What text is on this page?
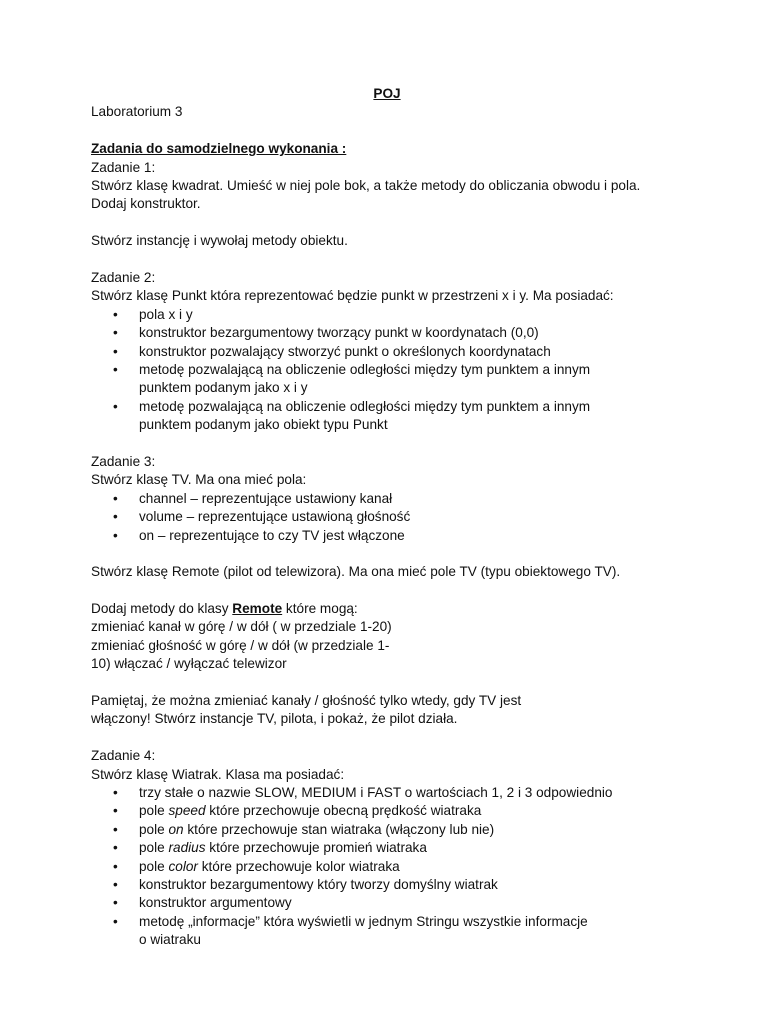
POJ
Laboratorium 3
Zadania do samodzielnego wykonania :
Zadanie 1:
Stwórz klasę kwadrat. Umieść w niej pole bok, a także metody do obliczania obwodu i pola.
Dodaj konstruktor.
Stwórz instancję i wywołaj metody obiektu.
Zadanie 2:
Stwórz klasę Punkt która reprezentować będzie punkt w przestrzeni x i y. Ma posiadać:
• pola x i y
• konstruktor bezargumentowy tworzący punkt w koordynatach (0,0)
• konstruktor pozwalający stworzyć punkt o określonych koordynatach
• metodę pozwalającą na obliczenie odległości między tym punktem a innym
punktem podanym jako x i y
• metodę pozwalającą na obliczenie odległości między tym punktem a innym
punktem podanym jako obiekt typu Punkt
Zadanie 3:
Stwórz klasę TV. Ma ona mieć pola:
• channel – reprezentujące ustawiony kanał
• volume – reprezentujące ustawioną głośność
• on – reprezentujące to czy TV jest włączone
Stwórz klasę Remote (pilot od telewizora). Ma ona mieć pole TV (typu obiektowego TV).
Dodaj metody do klasy Remote które mogą:
zmieniać kanał w górę / w dół ( w przedziale 1-20)
zmieniać głośność w górę / w dół (w przedziale 1-
10) włączać / wyłączać telewizor
Pamiętaj, że można zmieniać kanały / głośność tylko wtedy, gdy TV jest
włączony! Stwórz instancje TV, pilota, i pokaż, że pilot działa.
Zadanie 4:
Stwórz klasę Wiatrak. Klasa ma posiadać:
• trzy stałe o nazwie SLOW, MEDIUM i FAST o wartościach 1, 2 i 3 odpowiednio
• pole speed które przechowuje obecną prędkość wiatraka
• pole on które przechowuje stan wiatraka (włączony lub nie)
• pole radius które przechowuje promień wiatraka
• pole color które przechowuje kolor wiatraka
• konstruktor bezargumentowy który tworzy domyślny wiatrak
• konstruktor argumentowy
• metodę „informacje” która wyświetli w jednym Stringu wszystkie informacje
o wiatraku
